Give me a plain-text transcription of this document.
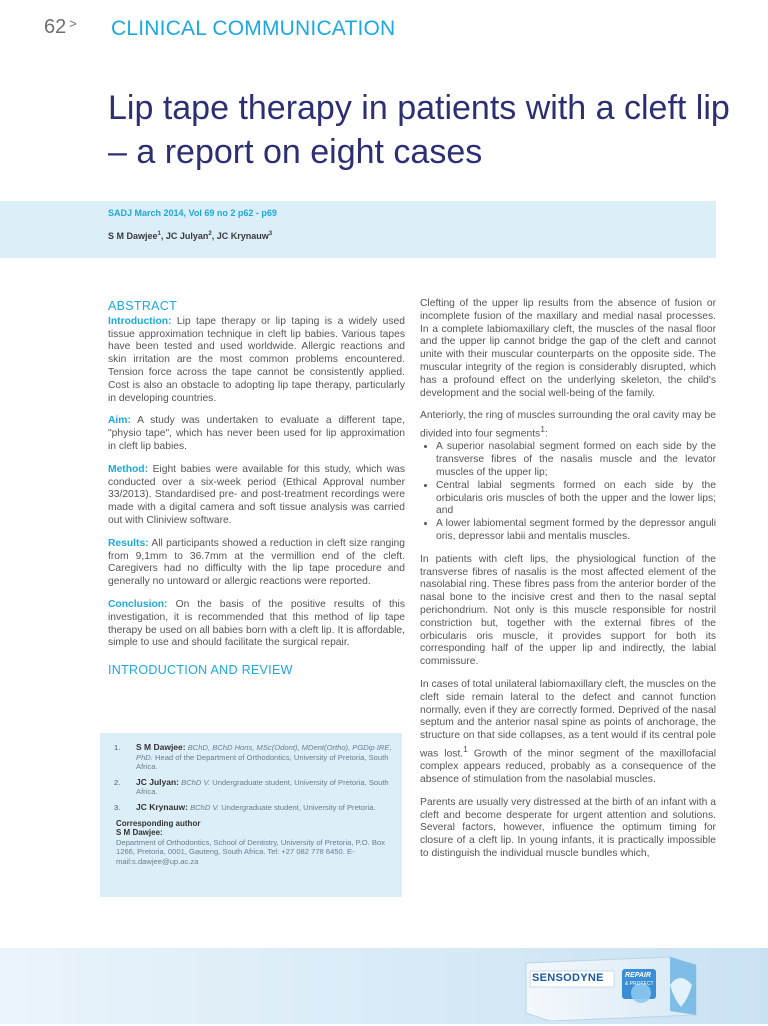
62 > CLINICAL COMMUNICATION
Lip tape therapy in patients with a cleft lip – a report on eight cases
SADJ March 2014, Vol 69 no 2 p62 - p69
S M Dawjee$^1$, JC Julyan$^2$, JC Krynauw$^3$
ABSTRACT

Introduction: Lip tape therapy or lip taping is a widely used tissue approximation technique in cleft lip babies. Various tapes have been tested and used worldwide. Allergic reactions and skin irritation are the most common problems encountered. Tension force across the tape cannot be consistently applied. Cost is also an obstacle to adopting lip tape therapy, particularly in developing countries.

Aim: A study was undertaken to evaluate a different tape, "physio tape", which has never been used for lip approximation in cleft lip babies.

Method: Eight babies were available for this study, which was conducted over a six-week period (Ethical Approval number 33/2013). Standardised pre- and post-treatment recordings were made with a digital camera and soft tissue analysis was carried out with Cliniview software.

Results: All participants showed a reduction in cleft size ranging from 9,1mm to 36.7mm at the vermillion end of the cleft. Caregivers had no difficulty with the lip tape procedure and generally no untoward or allergic reactions were reported.

Conclusion: On the basis of the positive results of this investigation, it is recommended that this method of lip tape therapy be used on all babies born with a cleft lip. It is affordable, simple to use and should facilitate the surgical repair.

INTRODUCTION AND REVIEW
1.	S M Dawjee: BChD, BChD Hons, MSc(Odont), MDent(Ortho), PGDip IRE, PhD. Head of the Department of Orthodontics, University of Pretoria, South Africa.
2.	JC Julyan: BChD V. Undergraduate student, University of Pretoria, South Africa.
3.	JC Krynauw: BChD V. Undergraduate student, University of Pretoria.
Corresponding author
S M Dawjee:
Department of Orthodontics, School of Dentistry, University of Pretoria, P.O. Box 1266, Pretoria, 0001, Gauteng, South Africa. Tel: +27 082 778 6450. E-mail:s.dawjee@up.ac.za

Clefting of the upper lip results from the absence of fusion or incomplete fusion of the maxillary and medial nasal processes. In a complete labiomaxillary cleft, the muscles of the nasal floor and the upper lip cannot bridge the gap of the cleft and cannot unite with their muscular counterparts on the opposite side. The muscular integrity of the region is considerably disrupted, which has a profound effect on the underlying skeleton, the child's development and the social well-being of the family.

Anteriorly, the ring of muscles surrounding the oral cavity may be divided into four segments$^1$:

• A superior nasolabial segment formed on each side by the transverse fibres of the nasalis muscle and the levator muscles of the upper lip;
• Central labial segments formed on each side by the orbicularis oris muscles of both the upper and the lower lips; and
• A lower labiomental segment formed by the depressor anguli oris, depressor labii and mentalis muscles.

In patients with cleft lips, the physiological function of the transverse fibres of nasalis is the most affected element of the nasolabial ring. These fibres pass from the anterior border of the nasal bone to the incisive crest and then to the nasal septal perichondrium. Not only is this muscle responsible for nostril constriction but, together with the external fibres of the orbicularis oris muscle, it provides support for both its corresponding half of the upper lip and indirectly, the labial commissure.

In cases of total unilateral labiomaxillary cleft, the muscles on the cleft side remain lateral to the defect and cannot function normally, even if they are correctly formed. Deprived of the nasal septum and the anterior nasal spine as points of anchorage, the structure on that side collapses, as a tent would if its central pole was lost.$^1$ Growth of the minor segment of the maxillofacial complex appears reduced, probably as a consequence of the absence of stimulation from the nasolabial muscles.

Parents are usually very distressed at the birth of an infant with a cleft and become desperate for urgent attention and solutions. Several factors, however, influence the optimum timing for closure of a cleft lip. In young infants, it is practically impossible to distinguish the individual muscle bundles which,

SENSODYNE	REPAIR
& PROTECT
